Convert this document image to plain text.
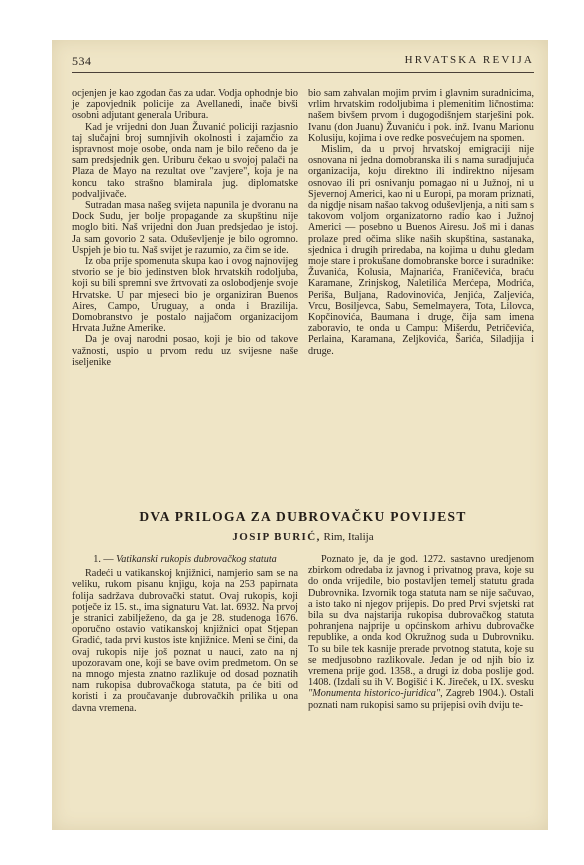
534	HRVATSKA REVIJA

ocjenjen je kao zgodan čas za udar. Vodja ophodnje bio je zapovjednik policije za Avellanedi, inače bivši osobni adjutant generala Uribura.

Kad je vrijedni don Juan Žuvanić policiji razjasnio taj slučajni broj sumnjivih okolnosti i zajamčio za ispravnost moje osobe, onda nam je bilo rečeno da je sam predsjednik gen. Uriburu čekao u svojoj palači na Plaza de Mayo na rezultat ove "zavjere", koja je na koncu tako strašno blamirala jug. diplomatske podvaljivače.

Sutradan masa našeg svijeta napunila je dvoranu na Dock Sudu, jer bolje propagande za skupštinu nije moglo biti. Naš vrijedni don Juan predsjedao je istoj. Ja sam govorio 2 sata. Oduševljenje je bilo ogromno. Uspjeh je bio tu. Naš svijet je razumio, za čim se ide.

Iz oba prije spomenuta skupa kao i ovog najnovijeg stvorio se je bio jedinstven blok hrvatskih rodoljuba, koji su bili spremni sve žrtvovati za oslobodjenje svoje Hrvatske. U par mjeseci bio je organiziran Buenos Aires, Campo, Uruguay, a onda i Brazilija. Domobranstvo je postalo najjačom organizacijom Hrvata Južne Amerike.

Da je ovaj narodni posao, koji je bio od takove važnosti, uspio u prvom redu uz svijesne naše iseljenike

bio sam zahvalan mojim prvim i glavnim suradnicima, vrlim hrvatskim rodoljubima i plemenitim ličnostima: našem bivšem prvom i dugogodišnjem starješini pok. Ivanu (don Juanu) Žuvaniću i pok. inž. Ivanu Marionu Kolusiju, kojima i ove redke posvećujem na spomen.

Mislim, da u prvoj hrvatskoj emigraciji nije osnovana ni jedna domobranska ili s nama suradjujuća organizacija, koju direktno ili indirektno nijesam osnovao ili pri osnivanju pomagao ni u Južnoj, ni u Sjevernoj Americi, kao ni u Europi, pa moram priznati, da nigdje nisam našao takvog oduševljenja, a niti sam s takovom voljom organizatorno radio kao i Južnoj Americi — posebno u Buenos Airesu. Još mi i danas prolaze pred očima slike naših skupština, sastanaka, sjednica i drugih priredaba, na kojima u duhu gledam moje stare i prokušane domobranske borce i suradnike: Žuvanića, Kolusia, Majnarića, Franičevića, braću Karamane, Zrinjskog, Naletilića Merćepa, Modrića, Periša, Buljana, Radovinovića, Jenjića, Zaljevića, Vrcu, Bosiljevca, Sabu, Semelmayera, Tota, Lilovca, Kopčinovića, Baumana i druge, čija sam imena zaboravio, te onda u Campu: Mišerdu, Petričevića, Perlaina, Karamana, Zeljkovića, Šarića, Siladjija i druge.

DVA PRILOGA ZA DUBROVAČKU POVIJEST
JOSIP BURIĆ, Rim, Italija
1. — Vatikanski rukopis dubrovačkog statuta

Radeći u vatikanskoj knjižnici, namjerio sam se na veliku, rukom pisanu knjigu, koja na 253 papirnata folija sadržava dubrovački statut. Ovaj rukopis, koji potječe iz 15. st., ima signaturu Vat. lat. 6932. Na prvoj je stranici zabilježeno, da ga je 28. studenoga 1676. oporučno ostavio vatikanskoj knjižnici opat Stjepan Gradić, tada prvi kustos iste knjižnice. Meni se čini, da ovaj rukopis nije još poznat u nauci, zato na nj upozoravam one, koji se bave ovim predmetom. On se na mnogo mjesta znatno razlikuje od dosad poznatih nam rukopisa dubrovačkoga statuta, pa će biti od koristi i za proučavanje dubrovačkih prilika u ona davna vremena.

Poznato je, da je god. 1272. sastavno uredjenom zbirkom odredaba iz javnog i privatnog prava, koje su do onda vrijedile, bio postavljen temelj statutu grada Dubrovnika. Izvornik toga statuta nam se nije sačuvao, a isto tako ni njegov prijepis. Do pred Prvi svjetski rat bila su dva najstarija rukopisa dubrovačkog statuta pohranjena najprije u općinskom arhivu dubrovačke republike, a onda kod Okružnog suda u Dubrovniku. To su bile tek kasnije prerade prvotnog statuta, koje su se medjusobno razlikovale. Jedan je od njih bio iz vremena prije god. 1358., a drugi iz doba poslije god. 1408. (Izdali su ih V. Bogišić i K. Jireček, u IX. svesku "Monumenta historico-juridica", Zagreb 1904.). Ostali poznati nam rukopisi samo su prijepisi ovih dviju te-
